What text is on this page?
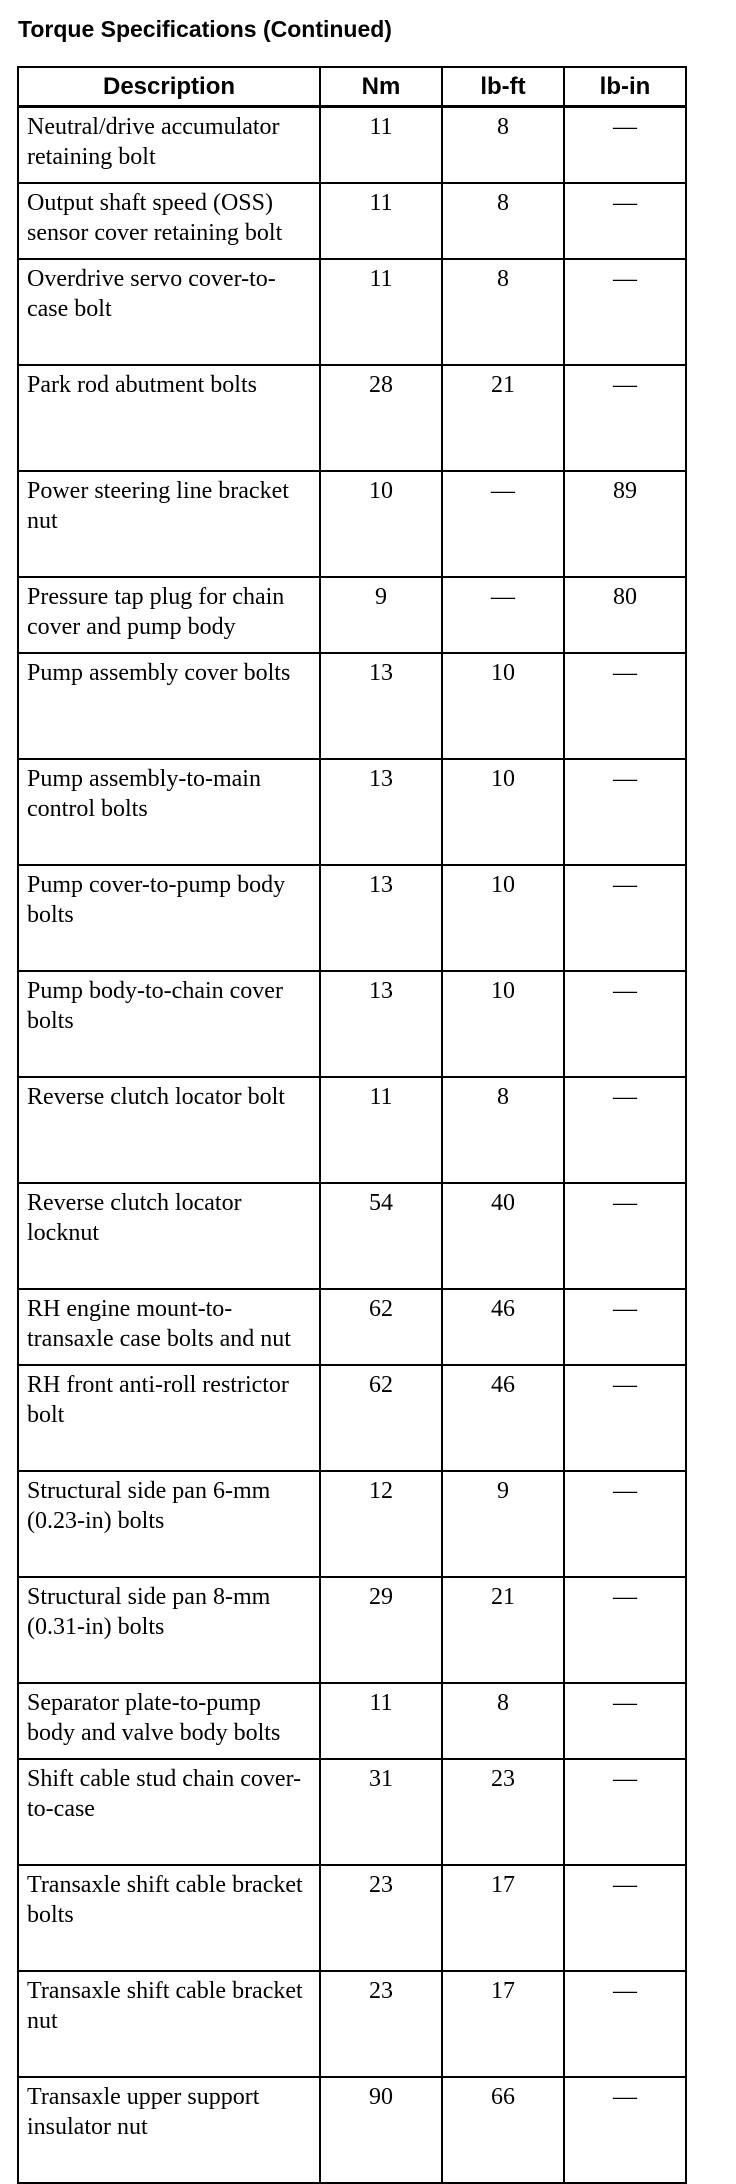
Torque Specifications (Continued)
Description	Nm	lb-ft	lb-in
Neutral/drive accumulator retaining bolt	11	8	—
Output shaft speed (OSS) sensor cover retaining bolt	11	8	—
Overdrive servo cover-to-case bolt	11	8	—
Park rod abutment bolts	28	21	—
Power steering line bracket nut	10	—	89
Pressure tap plug for chain cover and pump body	9	—	80
Pump assembly cover bolts	13	10	—
Pump assembly-to-main control bolts	13	10	—
Pump cover-to-pump body bolts	13	10	—
Pump body-to-chain cover bolts	13	10	—
Reverse clutch locator bolt	11	8	—
Reverse clutch locator locknut	54	40	—
RH engine mount-to-transaxle case bolts and nut	62	46	—
RH front anti-roll restrictor bolt	62	46	—
Structural side pan 6-mm (0.23-in) bolts	12	9	—
Structural side pan 8-mm (0.31-in) bolts	29	21	—
Separator plate-to-pump body and valve body bolts	11	8	—
Shift cable stud chain cover-to-case	31	23	—
Transaxle shift cable bracket bolts	23	17	—
Transaxle shift cable bracket nut	23	17	—
Transaxle upper support insulator nut	90	66	—
